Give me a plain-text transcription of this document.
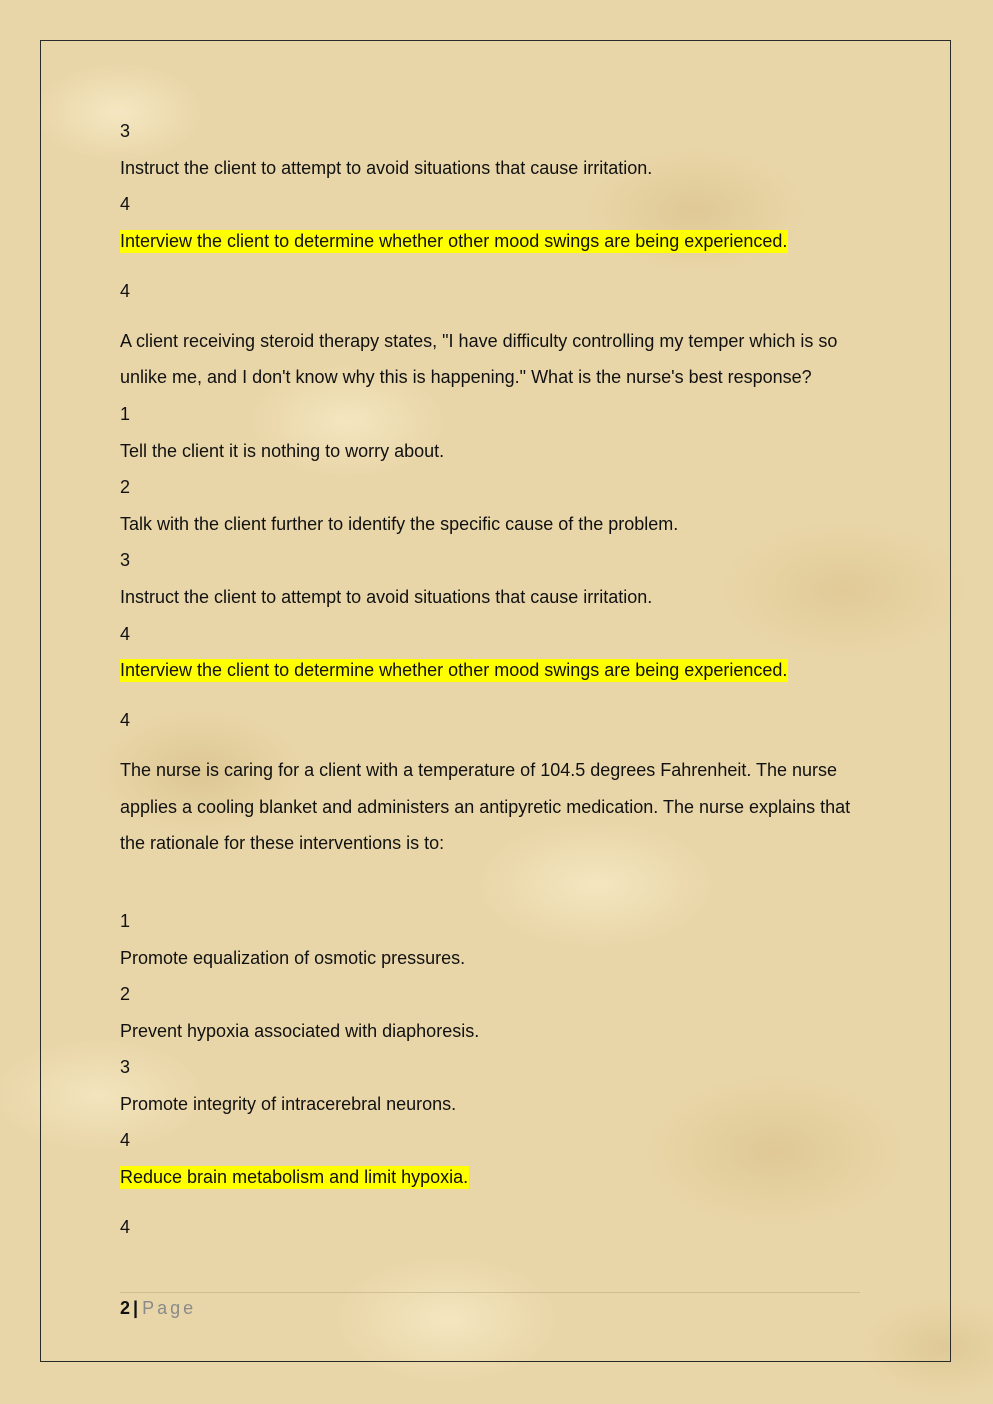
3
Instruct the client to attempt to avoid situations that cause irritation.
4
Interview the client to determine whether other mood swings are being experienced.
4
A client receiving steroid therapy states, "I have difficulty controlling my temper which is so unlike me, and I don't know why this is happening." What is the nurse's best response?
1
Tell the client it is nothing to worry about.
2
Talk with the client further to identify the specific cause of the problem.
3
Instruct the client to attempt to avoid situations that cause irritation.
4
Interview the client to determine whether other mood swings are being experienced.
4
The nurse is caring for a client with a temperature of 104.5 degrees Fahrenheit. The nurse applies a cooling blanket and administers an antipyretic medication. The nurse explains that the rationale for these interventions is to:
1
Promote equalization of osmotic pressures.
2
Prevent hypoxia associated with diaphoresis.
3
Promote integrity of intracerebral neurons.
4
Reduce brain metabolism and limit hypoxia.
4
2 | Page
